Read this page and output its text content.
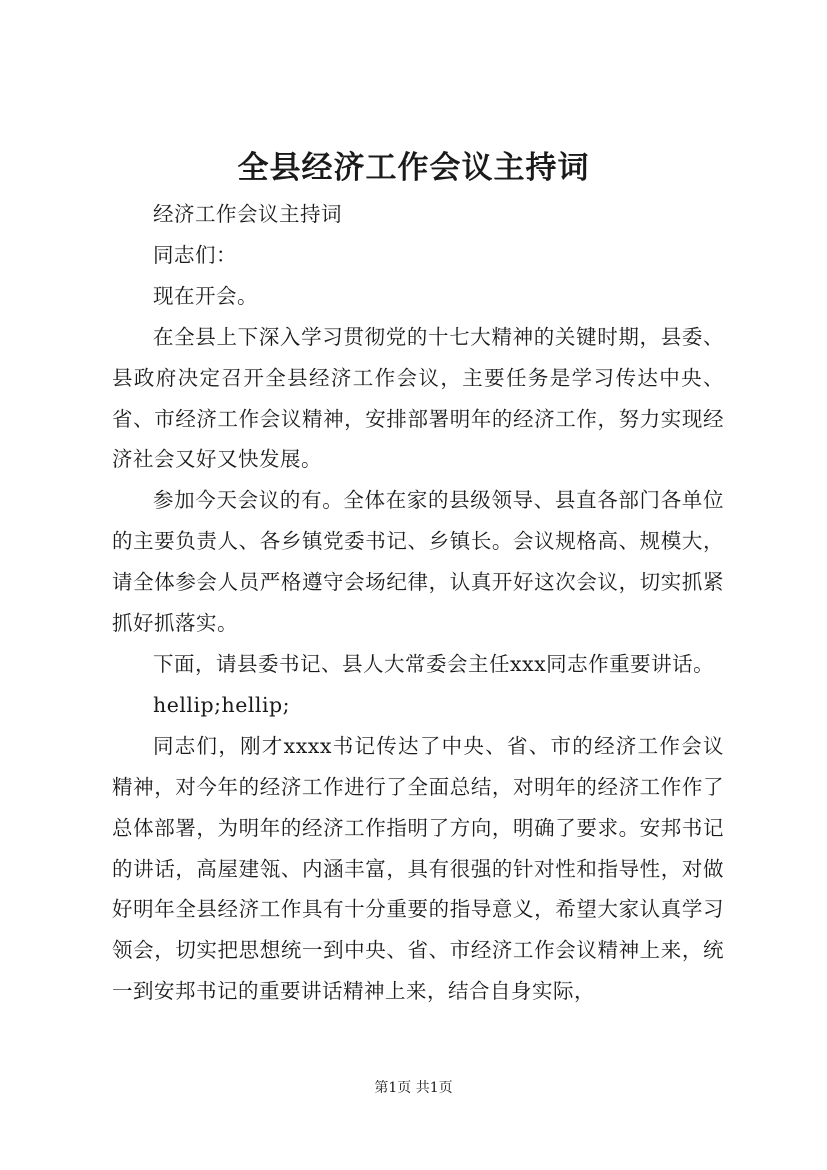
全县经济工作会议主持词

经济工作会议主持词

同志们：

现在开会。

在全县上下深入学习贯彻党的十七大精神的关键时期，县委、县政府决定召开全县经济工作会议，主要任务是学习传达中央、省、市经济工作会议精神，安排部署明年的经济工作，努力实现经济社会又好又快发展。

参加今天会议的有。全体在家的县级领导、县直各部门各单位的主要负责人、各乡镇党委书记、乡镇长。会议规格高、规模大，请全体参会人员严格遵守会场纪律，认真开好这次会议，切实抓紧抓好抓落实。

下面，请县委书记、县人大常委会主任xxx同志作重要讲话。

hellip;hellip;

同志们，刚才xxxx书记传达了中央、省、市的经济工作会议精神，对今年的经济工作进行了全面总结，对明年的经济工作作了总体部署，为明年的经济工作指明了方向，明确了要求。安邦书记的讲话，高屋建瓴、内涵丰富，具有很强的针对性和指导性，对做好明年全县经济工作具有十分重要的指导意义，希望大家认真学习领会，切实把思想统一到中央、省、市经济工作会议精神上来，统一到安邦书记的重要讲话精神上来，结合自身实际，

第1页 共1页
